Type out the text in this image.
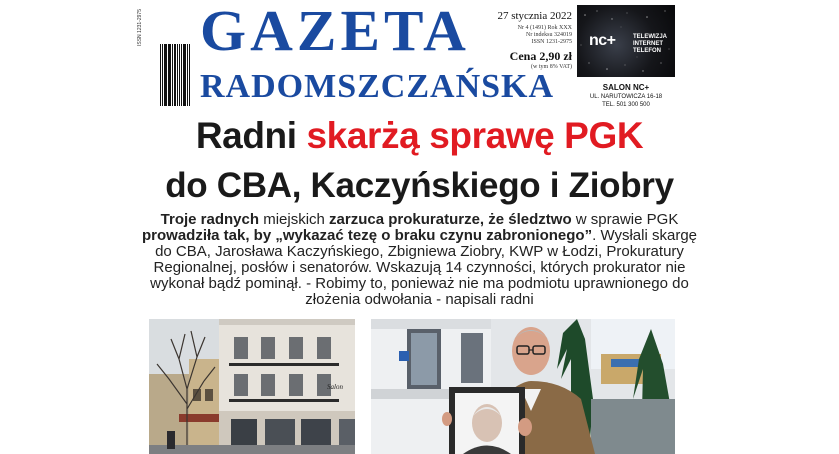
ISSN 1231-2975 GAZETA
RADOMSZCZAŃSKA
27 stycznia 2022
Nr 4 (1491) Rok XXX
Nr indeksu 324019
ISSN 1231-2975
Cena 2,90 zł
(w tym 8% VAT)
nc+	TELEWIZJA
INTERNET
TELEFON
SALON NC+
UL. NARUTOWICZA 16-18
TEL. 501 300 500
Radni skarżą sprawę PGK
do CBA, Kaczyńskiego i Ziobry
Troje radnych miejskich zarzuca prokuraturze, że śledztwo w sprawie PGK prowadziła tak, by „wykazać tezę o braku czynu zabronionego”. Wysłali skargę do CBA, Jarosława Kaczyńskiego, Zbigniewa Ziobry, KWP w Łodzi, Prokuratury Regionalnej, posłów i senatorów. Wskazują 14 czynności, których prokurator nie wykonał bądź pominął. - Robimy to, ponieważ nie ma podmiotu uprawnionego do złożenia odwołania - napisali radni
Salon
